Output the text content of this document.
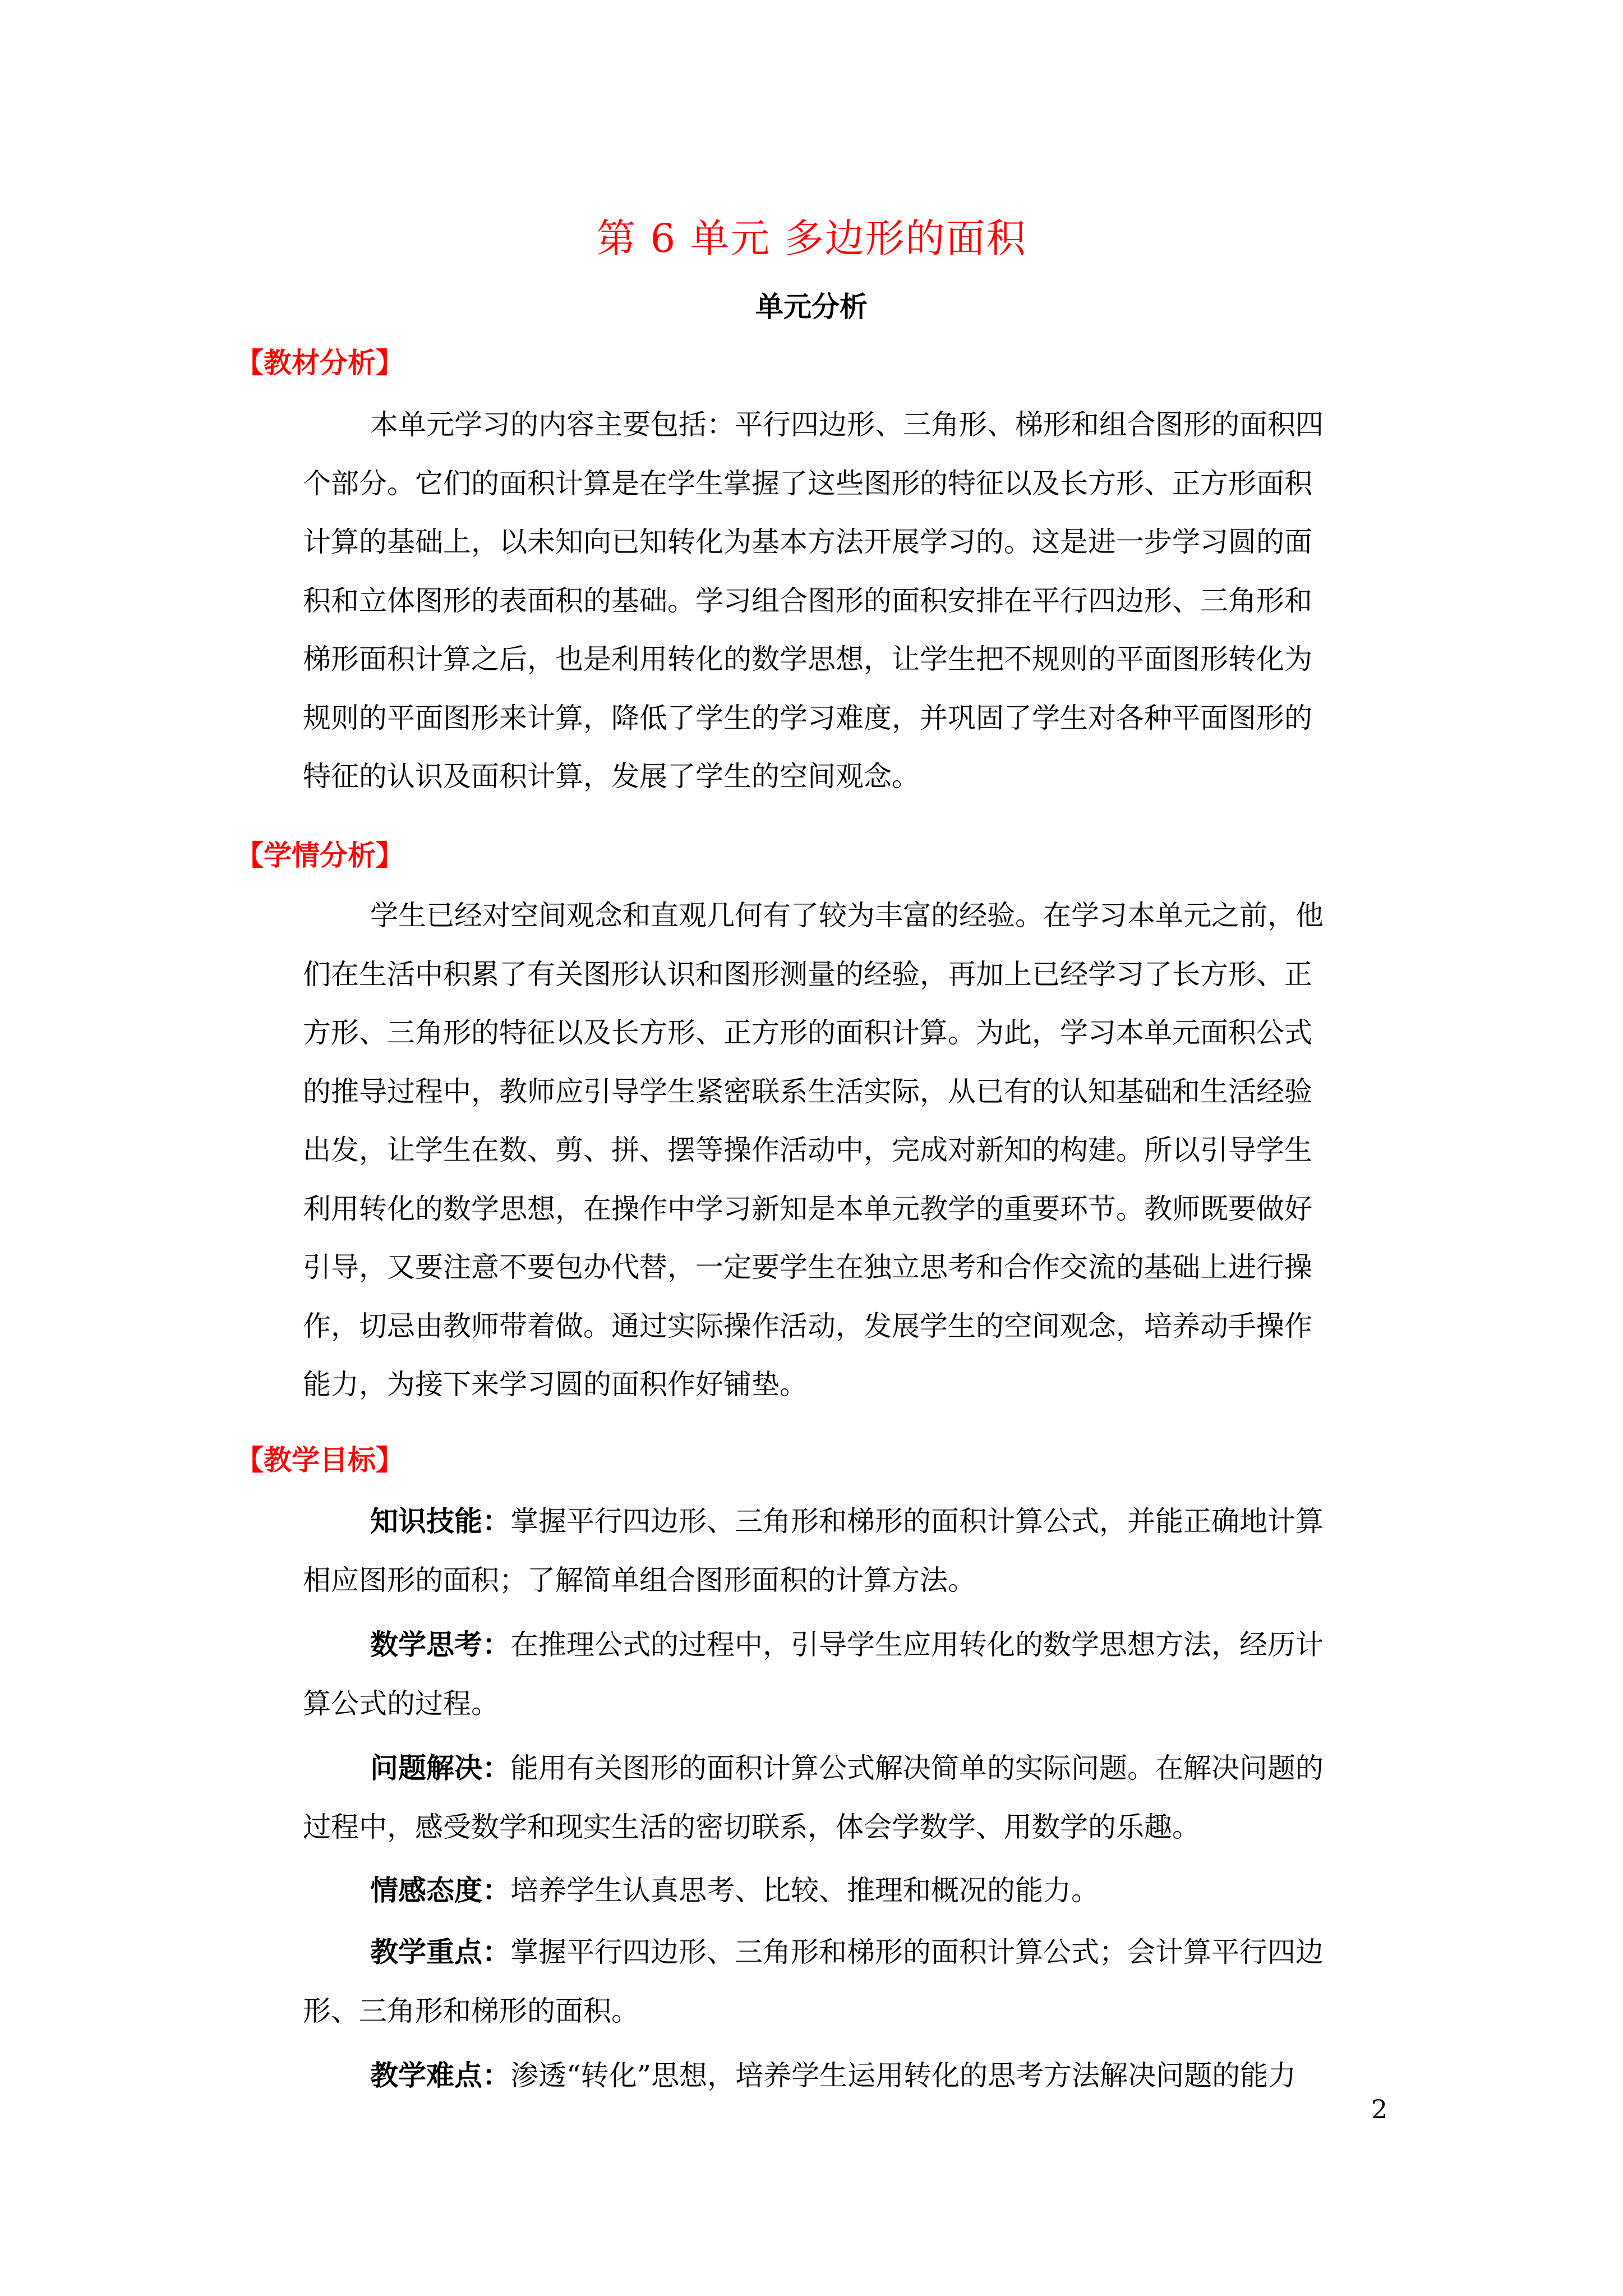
第 6 单元 多边形的面积
单元分析
【教材分析】
本单元学习的内容主要包括：平行四边形、三角形、梯形和组合图形的面积四
个部分。它们的面积计算是在学生掌握了这些图形的特征以及长方形、正方形面积
计算的基础上，以未知向已知转化为基本方法开展学习的。这是进一步学习圆的面
积和立体图形的表面积的基础。学习组合图形的面积安排在平行四边形、三角形和
梯形面积计算之后，也是利用转化的数学思想，让学生把不规则的平面图形转化为
规则的平面图形来计算，降低了学生的学习难度，并巩固了学生对各种平面图形的
特征的认识及面积计算，发展了学生的空间观念。
【学情分析】
学生已经对空间观念和直观几何有了较为丰富的经验。在学习本单元之前，他
们在生活中积累了有关图形认识和图形测量的经验，再加上已经学习了长方形、正
方形、三角形的特征以及长方形、正方形的面积计算。为此，学习本单元面积公式
的推导过程中，教师应引导学生紧密联系生活实际，从已有的认知基础和生活经验
出发，让学生在数、剪、拼、摆等操作活动中，完成对新知的构建。所以引导学生
利用转化的数学思想，在操作中学习新知是本单元教学的重要环节。教师既要做好
引导，又要注意不要包办代替，一定要学生在独立思考和合作交流的基础上进行操
作，切忌由教师带着做。通过实际操作活动，发展学生的空间观念，培养动手操作
能力，为接下来学习圆的面积作好铺垫。
【教学目标】
知识技能：掌握平行四边形、三角形和梯形的面积计算公式，并能正确地计算
相应图形的面积；了解简单组合图形面积的计算方法。
数学思考：在推理公式的过程中，引导学生应用转化的数学思想方法，经历计
算公式的过程。
问题解决：能用有关图形的面积计算公式解决简单的实际问题。在解决问题的
过程中，感受数学和现实生活的密切联系，体会学数学、用数学的乐趣。
情感态度：培养学生认真思考、比较、推理和概况的能力。
教学重点：掌握平行四边形、三角形和梯形的面积计算公式；会计算平行四边
形、三角形和梯形的面积。
教学难点：渗透“转化”思想，培养学生运用转化的思考方法解决问题的能力
2
